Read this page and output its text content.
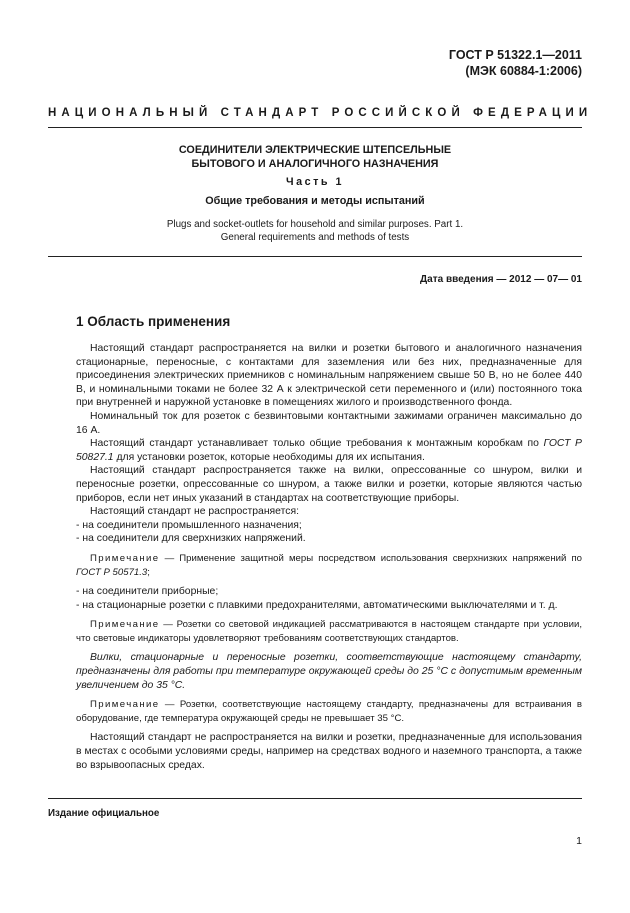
ГОСТ Р 51322.1—2011
(МЭК 60884-1:2006)
НАЦИОНАЛЬНЫЙ СТАНДАРТ РОССИЙСКОЙ ФЕДЕРАЦИИ
СОЕДИНИТЕЛИ ЭЛЕКТРИЧЕСКИЕ ШТЕПСЕЛЬНЫЕ
БЫТОВОГО И АНАЛОГИЧНОГО НАЗНАЧЕНИЯ
Часть 1
Общие требования и методы испытаний
Plugs and socket-outlets for household and similar purposes. Part 1.
General requirements and methods of tests
Дата введения — 2012 — 07— 01
1 Область применения

Настоящий стандарт распространяется на вилки и розетки бытового и аналогичного назначения стационарные, переносные, с контактами для заземления или без них, предназначенные для присоединения электрических приемников с номинальным напряжением свыше 50 В, но не более 440 В, и номинальными токами не более 32 А к электрической сети переменного и (или) постоянного тока при внутренней и наружной установке в помещениях жилого и производственного фонда.

Номинальный ток для розеток с безвинтовыми контактными зажимами ограничен максимально до 16 А.

Настоящий стандарт устанавливает только общие требования к монтажным коробкам по ГОСТ Р 50827.1 для установки розеток, которые необходимы для их испытания.

Настоящий стандарт распространяется также на вилки, опрессованные со шнуром, вилки и переносные розетки, опрессованные со шнуром, а также вилки и розетки, которые являются частью приборов, если нет иных указаний в стандартах на соответствующие приборы.

Настоящий стандарт не распространяется:

- на соединители промышленного назначения;

- на соединители для сверхнизких напряжений.

Примечание — Применение защитной меры посредством использования сверхнизких напряжений по ГОСТ Р 50571.3;

- на соединители приборные;

- на стационарные розетки с плавкими предохранителями, автоматическими выключателями и т. д.

Примечание — Розетки со световой индикацией рассматриваются в настоящем стандарте при условии, что световые индикаторы удовлетворяют требованиям соответствующих стандартов.

Вилки, стационарные и переносные розетки, соответствующие настоящему стандарту, предназначены для работы при температуре окружающей среды до 25 °С с допустимым временным увеличением до 35 °С.

Примечание — Розетки, соответствующие настоящему стандарту, предназначены для встраивания в оборудование, где температура окружающей среды не превышает 35 °С.

Настоящий стандарт не распространяется на вилки и розетки, предназначенные для использования в местах с особыми условиями среды, например на средствах водного и наземного транспорта, а также во взрывоопасных средах.

Издание официальное
1
